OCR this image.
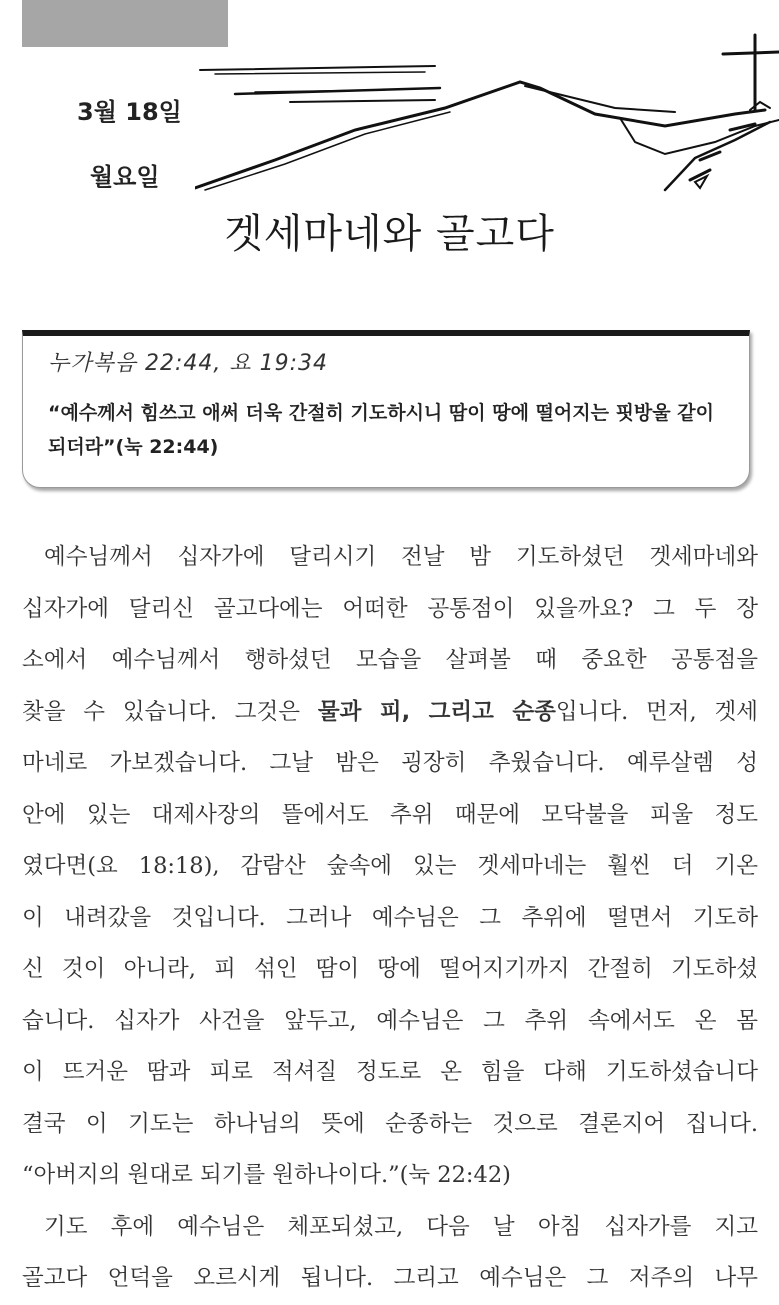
3월 18일
월요일
겟세마네와 골고다
누가복음 22:44, 요 19:34
“예수께서 힘쓰고 애써 더욱 간절히 기도하시니 땀이 땅에 떨어지는 핏방울 같이 되더라”(눅 22:44)

예수님께서 십자가에 달리시기 전날 밤 기도하셨던 겟세마네와

십자가에 달리신 골고다에는 어떠한 공통점이 있을까요? 그 두 장

소에서 예수님께서 행하셨던 모습을 살펴볼 때 중요한 공통점을

찾을 수 있습니다. 그것은 물과 피, 그리고 순종입니다. 먼저, 겟세

마네로 가보겠습니다. 그날 밤은 굉장히 추웠습니다. 예루살렘 성

안에 있는 대제사장의 뜰에서도 추위 때문에 모닥불을 피울 정도

였다면(요 18:18), 감람산 숲속에 있는 겟세마네는 훨씬 더 기온

이 내려갔을 것입니다. 그러나 예수님은 그 추위에 떨면서 기도하

신 것이 아니라, 피 섞인 땀이 땅에 떨어지기까지 간절히 기도하셨

습니다. 십자가 사건을 앞두고, 예수님은 그 추위 속에서도 온 몸

이 뜨거운 땀과 피로 적셔질 정도로 온 힘을 다해 기도하셨습니다

결국 이 기도는 하나님의 뜻에 순종하는 것으로 결론지어 집니다.

“아버지의 원대로 되기를 원하나이다.”(눅 22:42)

기도 후에 예수님은 체포되셨고, 다음 날 아침 십자가를 지고

골고다 언덕을 오르시게 됩니다. 그리고 예수님은 그 저주의 나무
